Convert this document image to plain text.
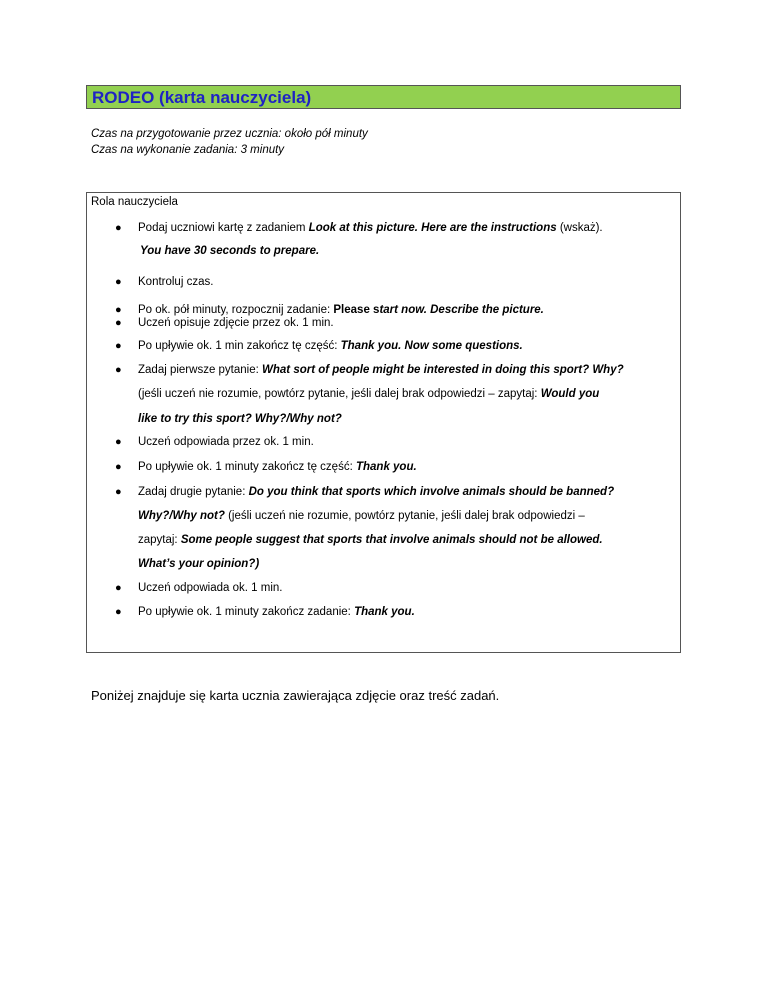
RODEO (karta nauczyciela)
Czas na przygotowanie przez ucznia: około pół minuty
Czas na wykonanie zadania: 3 minuty
Rola nauczyciela
● Podaj uczniowi kartę z zadaniem Look at this picture. Here are the instructions (wskaż).
You have 30 seconds to prepare.
● Kontroluj czas.
● Po ok. pół minuty, rozpocznij zadanie: Please start now. Describe the picture.
● Uczeń opisuje zdjęcie przez ok. 1 min.
● Po upływie ok. 1 min zakończ tę część: Thank you. Now some questions.
● Zadaj pierwsze pytanie: What sort of people might be interested in doing this sport? Why?
(jeśli uczeń nie rozumie, powtórz pytanie, jeśli dalej brak odpowiedzi – zapytaj: Would you
like to try this sport? Why?/Why not?
● Uczeń odpowiada przez ok. 1 min.
● Po upływie ok. 1 minuty zakończ tę część: Thank you.
● Zadaj drugie pytanie: Do you think that sports which involve animals should be banned?
Why?/Why not? (jeśli uczeń nie rozumie, powtórz pytanie, jeśli dalej brak odpowiedzi –
zapytaj: Some people suggest that sports that involve animals should not be allowed.
What’s your opinion?)
● Uczeń odpowiada ok. 1 min.
● Po upływie ok. 1 minuty zakończ zadanie: Thank you.
Poniżej znajduje się karta ucznia zawierająca zdjęcie oraz treść zadań.
